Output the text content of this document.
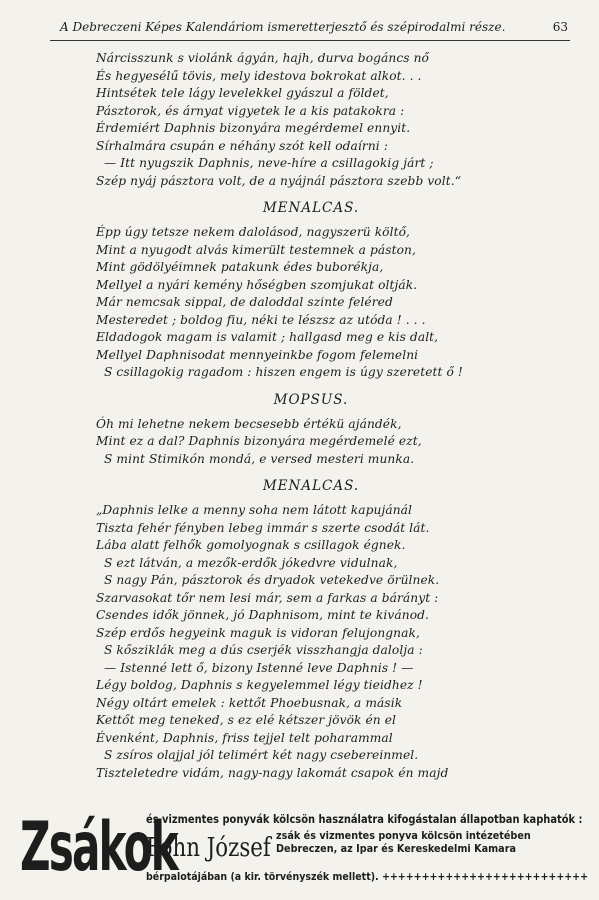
A Debreczeni Képes Kalendáriom ismeretterjesztő és szépirodalmi része.	63
Nárcisszunk s violánk ágyán, hajh, durva bogáncs nő
És hegyesélű tövis, mely idestova bokrokat alkot. . .
Hintsétek tele lágy levelekkel gyászul a földet,
Pásztorok, és árnyat vigyetek le a kis patakokra :
Érdemiért Daphnis bizonyára megérdemel ennyit.
Sírhalmára csupán e néhány szót kell odaírni :
— Itt nyugszik Daphnis, neve-híre a csillagokig járt ;
Szép nyáj pásztora volt, de a nyájnál pásztora szebb volt.“
MENALCAS.
Épp úgy tetsze nekem dalolásod, nagyszerü költő,
Mint a nyugodt alvás kimerült testemnek a páston,
Mint gödölyéimnek patakunk édes buborékja,
Mellyel a nyári kemény hőségben szomjukat oltják.
Már nemcsak sippal, de daloddal szinte feléred
Mesteredet ; boldog fiu, néki te lészsz az utóda ! . . .
Eldadogok magam is valamit ; hallgasd meg e kis dalt,
Mellyel Daphnisodat mennyeinkbe fogom felemelni
S csillagokig ragadom : hiszen engem is úgy szeretett ő !
MOPSUS.
Óh mi lehetne nekem becsesebb értékü ajándék,
Mint ez a dal? Daphnis bizonyára megérdemelé ezt,
S mint Stimikón mondá, e versed mesteri munka.
MENALCAS.
„Daphnis lelke a menny soha nem látott kapujánál
Tiszta fehér fényben lebeg immár s szerte csodát lát.
Lába alatt felhők gomolyognak s csillagok égnek.
S ezt látván, a mezők-erdők jókedvre vidulnak,
S nagy Pán, pásztorok és dryadok vetekedve örülnek.
Szarvasokat tőr nem lesi már, sem a farkas a bárányt :
Csendes idők jönnek, jó Daphnisom, mint te kivánod.
Szép erdős hegyeink maguk is vidoran felujongnak,
S kősziklák meg a dús cserjék visszhangja dalolja :
— Istenné lett ő, bizony Istenné leve Daphnis ! —
Légy boldog, Daphnis s kegyelemmel légy tieidhez !
Négy oltárt emelek : kettőt Phoebusnak, a másik
Kettőt meg teneked, s ez elé kétszer jövök én el
Évenként, Daphnis, friss tejjel telt poharammal
S zsíros olajjal jól telimért két nagy csebereinmel.
Tiszteletedre vidám, nagy-nagy lakomát csapok én majd
Zsákok
és vizmentes ponyvák kölcsön használatra kifogástalan állapotban kaphatók :
Fohn József zsák és vizmentes ponyva kölcsön intézetében
Debreczen, az Ipar és Kereskedelmi Kamara
bérpalotájában (a kir. törvényszék mellett). ++++++++++++++++++++++++++
